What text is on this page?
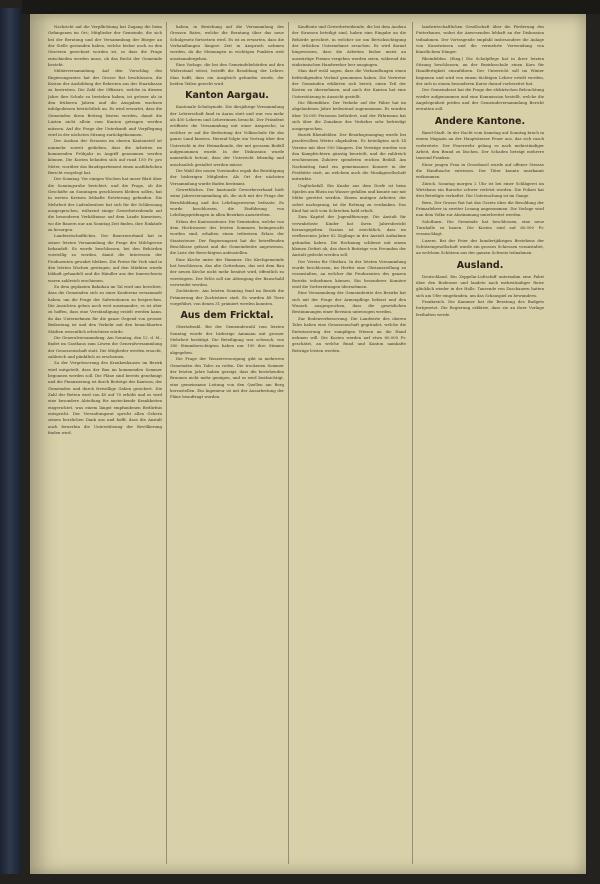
Nachricht auf die Verpflichtung hat Zugang die beim Gefangenen im Ort; Mitglieder der Gemeinde, die sich bei der Beratung und der Versammlung der Bürger an der Stelle gestanden haben, welche bisher noch zu den Gesetzen gerechnet worden ist, so dass die Frage entschieden werden muss, ob das Recht der Gemeinde besteht.

Militärversammlung. Auf den Vorschlag des Regierungsrates hat der Grosse Rat beschlossen, die Kosten der Ausbildung der Rekruten aus der Staatskasse zu bestreiten. Die Zahl der Offiziere, welche in diesem Jahre ihre Schule zu bestehen haben, ist grösser als in den früheren Jahren und die Ausgaben wachsen infolgedessen beträchtlich an. Es wird erwartet, dass die Gemeinden ihren Beitrag leisten werden, damit die Lasten nicht allein vom Kanton getragen werden müssen. Auf die Frage der Unterkunft und Verpflegung wird in der nächsten Sitzung zurückgekommen.

Der Ausbau der Strassen im oberen Kantonsteil ist nunmehr soweit gediehen, dass die Arbeiten im kommenden Frühjahr in Angriff genommen werden können. Die Kosten belaufen sich auf rund 150 Fr. pro Meter, worüber das Baudepartement einen ausführlichen Bericht vorgelegt hat.

Der Sonntag. Vor einigen Wochen hat unser Blatt über die Sonntagsruhe berichtet, und die Frage, ob die Geschäfte an Sonntagen geschlossen bleiben sollen, hat in weiten Kreisen lebhafte Erörterung gefunden. Die Mehrheit der Ladenbesitzer hat sich für die Schliessung ausgesprochen, während einige Gewerbetreibende auf die besonderen Verhältnisse auf dem Lande hinweisen, wo die Bauern nur am Sonntag Zeit finden, ihre Einkäufe zu besorgen.

Landwirtschaftliches. Der Bauernverband hat in seiner letzten Versammlung die Frage der Milchpreise behandelt. Es wurde beschlossen, bei den Behörden vorstellig zu werden, damit die Interessen der Produzenten gewahrt bleiben. Die Preise für Vieh sind in den letzten Wochen gestiegen; auf den Märkten wurde lebhaft gehandelt und die Händler aus der Innerschweiz waren zahlreich erschienen.

Zu dem geplanten Bahnbau im Tal wird uns berichtet, dass die Gemeinden sich zu einer Konferenz versammelt haben, um die Frage der Subventionen zu besprechen. Die Ansichten gehen noch weit auseinander; es ist aber zu hoffen, dass eine Verständigung erzielt werden kann, da das Unternehmen für die ganze Gegend von grosser Bedeutung ist und den Verkehr mit den benachbarten Städten wesentlich erleichtern würde.

Die Generalversammlung. Am Sonntag, den 12. d. M., findet im Gasthaus zum Löwen die Generalversammlung der Genossenschaft statt. Die Mitglieder werden ersucht, zahlreich und pünktlich zu erscheinen.

Zu der Vergrösserung des Krankenhauses im Bezirk wird mitgeteilt, dass der Bau im kommenden Sommer begonnen werden soll. Die Pläne sind bereits genehmigt und die Finanzierung ist durch Beiträge des Kantons, der Gemeinden und durch freiwillige Gaben gesichert. Die Zahl der Betten wird von 40 auf 70 erhöht und es wird eine besondere Abteilung für ansteckende Krankheiten eingerichtet, was einem längst empfundenen Bedürfnis entspricht. Der Verwaltungsrat spricht allen Gebern seinen herzlichen Dank aus und hofft, dass die Anstalt auch fernerhin die Unterstützung der Bevölkerung finden wird.

haben, in Beziehung auf die Versammlung des Grossen Rates, welche die Beratung über das neue Schulgesetz fortsetzen wird. Es ist zu erwarten, dass die Verhandlungen längere Zeit in Anspruch nehmen werden, da die Meinungen in wichtigen Punkten weit auseinandergehen.

Eine Vorlage, die bei den Gemeindebehörden auf den Widerstand stösst, betrifft die Besoldung der Lehrer. Man hofft, dass ein Ausgleich gefunden werde, der beiden Teilen gerecht wird.

Kanton Aargau.

Kantonale Schulsynode. Die diesjährige Versammlung der Lehrerschaft fand in Aarau statt und war von mehr als 400 Lehrern und Lehrerinnen besucht. Der Präsident eröffnete die Versammlung mit einer Ansprache, in welcher er auf die Bedeutung der Volksschule für das ganze Land hinwies. Hierauf folgte ein Vortrag über den Unterricht in der Heimatkunde, der mit grossem Beifall aufgenommen wurde. In der Diskussion wurde namentlich betont, dass der Unterricht lebendig und anschaulich gestaltet werden müsse.

Die Wahl des neuen Vorstandes ergab die Bestätigung der bisherigen Mitglieder. Als Ort der nächsten Versammlung wurde Baden bestimmt.

Gewerbliches. Der kantonale Gewerbeverband hielt seine Jahresversammlung ab, die sich mit der Frage der Berufsbildung und des Lehrlingswesens befasste. Es wurde beschlossen, die Einführung von Lehrlingsprüfungen in allen Bezirken anzustreben.

Erlass der Kantonssteuer. Die Gemeinden, welche von dem Hochwasser des letzten Sommers heimgesucht worden sind, erhalten einen teilweisen Erlass der Staatssteuer. Der Regierungsrat hat die betreffenden Beschlüsse gefasst und die Gemeinderäte angewiesen, die Liste der Berechtigten aufzustellen.

Eine Kirche unter der Hammer. Die Kirchgemeinde hat beschlossen, das alte Gotteshaus, das seit dem Bau der neuen Kirche nicht mehr benützt wird, öffentlich zu versteigern. Der Erlös soll zur Abtragung der Bauschuld verwendet werden.

Zuchtstiere. Am letzten Sonntag fand im Bezirk die Prämierung der Zuchtstiere statt. Es wurden 48 Tiere vorgeführt, von denen 31 prämiert werden konnten.

Aus dem Fricktal.

Obertalwahl. Bei der Gemeindewahl vom letzten Sonntag wurde der bisherige Ammann mit grosser Mehrheit bestätigt. Die Beteiligung war schwach; von 380 Stimmberechtigten haben nur 190 ihre Stimme abgegeben.

Die Frage der Wasserversorgung gibt in mehreren Gemeinden des Tales zu reden. Die trockenen Sommer der letzten Jahre haben gezeigt, dass die bestehenden Brunnen nicht mehr genügen, und es wird beabsichtigt, eine gemeinsame Leitung von den Quellen am Berg herzustellen. Ein Ingenieur ist mit der Ausarbeitung der Pläne beauftragt worden.

Kaufleute und Gewerbetreibende, die bei dem Ausbau der Strassen beteiligt sind, haben eine Eingabe an die Behörde gerichtet, in welcher sie um Berücksichtigung der örtlichen Unternehmer ersuchen. Es wird darauf hingewiesen, dass die Arbeiten bisher meist an auswärtige Firmen vergeben worden seien, während die einheimischen Handwerker leer ausgingen.

Man darf wohl sagen, dass die Verhandlungen einen befriedigenden Verlauf genommen haben. Die Vertreter der Gemeinden erklärten sich bereit, einen Teil der Kosten zu übernehmen, und auch der Kanton hat eine Unterstützung in Aussicht gestellt.

Die Rheinfähre. Der Verkehr auf der Fähre hat im abgelaufenen Jahre bedeutend zugenommen. Es wurden über 16.000 Personen befördert, und der Fährmann hat sich über die Zunahme des Verkehrs sehr befriedigt ausgesprochen.

Bezirk Rheinfelden. Der Bezirksgesangtag wurde bei prachtvollem Wetter abgehalten. Es beteiligten sich 14 Vereine mit über 500 Sängern. Die Vorträge wurden von den Kampfrichtern günstig beurteilt, und die zahlreich erschienenen Zuhörer spendeten reichen Beifall. Am Nachmittag fand ein gemeinsames Konzert in der Festhütte statt, an welchem auch die Musikgesellschaft mitwirkte.

Unglücksfall. Ein Knabe aus dem Dorfe ist beim Spielen am Rhein ins Wasser gefallen und konnte nur mit Mühe gerettet werden. Einem mutigen Arbeiter, der sofort nachsprang, ist die Rettung zu verdanken. Das Kind hat sich vom Schrecken bald erholt.

Zum Kapitel der Jugendfürsorge. Die Anstalt für verwahrloste Kinder hat ihren Jahresbericht herausgegeben. Daraus ist ersichtlich, dass im verflossenen Jahre 62 Zöglinge in der Anstalt Aufnahme gefunden haben. Die Rechnung schliesst mit einem kleinen Defizit ab, das durch Beiträge von Freunden der Anstalt gedeckt werden soll.

Der Verein für Obstbau. In der letzten Versammlung wurde beschlossen, im Herbst eine Obstausstellung zu veranstalten, an welcher die Produzenten des ganzen Bezirks teilnehmen können. Ein besonderes Komitee wird die Vorbereitungen übernehmen.

Eine Versammlung der Gemeinderäte des Bezirks hat sich mit der Frage der Armenpflege befasst und den Wunsch ausgesprochen, dass die gesetzlichen Bestimmungen einer Revision unterzogen werden.

Zur Bodenverbesserung. Die Landwirte des oberen Tales haben eine Genossenschaft gegründet, welche die Entwässerung der sumpfigen Wiesen an die Hand nehmen will. Die Kosten werden auf etwa 80.000 Fr. geschätzt, an welche Bund und Kanton namhafte Beiträge leisten werden.

landwirtschaftlichen Gesellschaft über die Förderung des Futterbaues, wobei die Anwesenden lebhaft an der Diskussion teilnahmen. Der Vortragende empfahl insbesondere die Anlage von Kunstwiesen und die vermehrte Verwendung von künstlichem Dünger.

Rheinfelden. (Eing.) Die Schulpflege hat in ihrer letzten Sitzung beschlossen, an der Bezirksschule einen Kurs für Handfertigkeit einzuführen. Der Unterricht soll im Winter beginnen und wird von einem tüchtigen Lehrer erteilt werden, der sich in einem besonderen Kurse darauf vorbereitet hat.

Der Gemeinderat hat die Frage der elektrischen Beleuchtung wieder aufgenommen und eine Kommission bestellt, welche die Angelegenheit prüfen und der Gemeindeversammlung Bericht erstatten soll.

Andere Kantone.

Basel-Stadt. In der Nacht vom Samstag auf Sonntag brach in einem Magazin an der Hauptstrasse Feuer aus, das sich rasch verbreitete. Der Feuerwehr gelang es nach mehrstündiger Arbeit, den Brand zu löschen. Der Schaden beträgt mehrere tausend Franken.

Einer jungen Frau in Grossbasel wurde auf offener Strasse die Handtasche entrissen. Der Täter konnte unerkannt entkommen.

Zürich. Sonntag morgen 2 Uhr ist bei einer Schlägerei im Wirtshaus ein Bursche schwer verletzt worden. Die Polizei hat drei Beteiligte verhaftet. Die Untersuchung ist im Gange.

Bern. Der Grosse Rat hat das Gesetz über die Besoldung der Primarlehrer in zweiter Lesung angenommen. Die Vorlage wird nun dem Volke zur Abstimmung unterbreitet werden.

Solothurn. Die Gemeinde hat beschlossen, eine neue Turnhalle zu bauen. Die Kosten sind auf 60.000 Fr. veranschlagt.

Luzern. Bei der Feier des hundertjährigen Bestehens der Schützengesellschaft wurde ein grosses Schiessen veranstaltet, an welchem Schützen aus der ganzen Schweiz teilnahmen.

Ausland.

Deutschland. Ein Zeppelin-Luftschiff unternahm eine Fahrt über den Bodensee und landete nach mehrstündiger Reise glücklich wieder in der Halle. Tausende von Zuschauern hatten sich am Ufer eingefunden, um das Schauspiel zu bewundern.

Frankreich. Die Kammer hat die Beratung des Budgets fortgesetzt. Die Regierung erklärte, dass sie an ihrer Vorlage festhalten werde.
